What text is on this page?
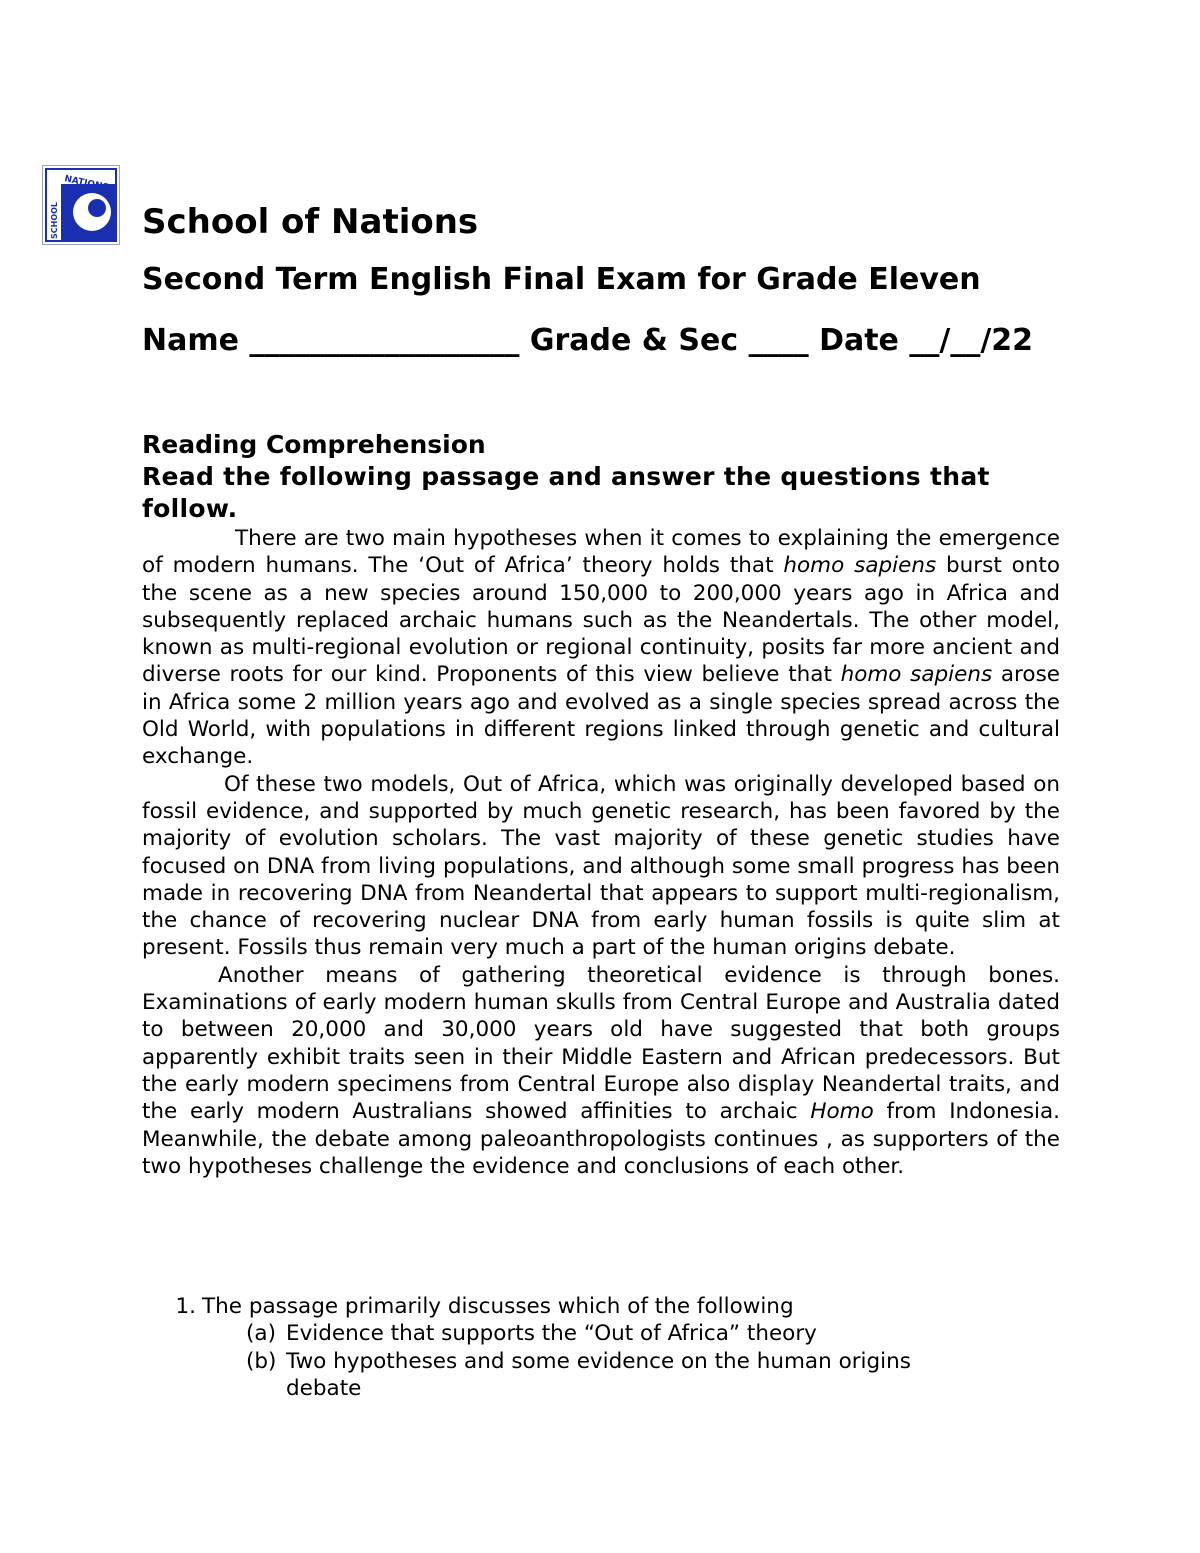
NATIONS
SCHOOL School of Nations
Second Term English Final Exam for Grade Eleven
Name __________________ Grade & Sec ____ Date __/__/22
Reading Comprehension
Read the following passage and answer the questions that follow.

There are two main hypotheses when it comes to explaining the emergence of modern humans. The ‘Out of Africa’ theory holds that homo sapiens burst onto the scene as a new species around 150,000 to 200,000 years ago in Africa and subsequently replaced archaic humans such as the Neandertals. The other model, known as multi-regional evolution or regional continuity, posits far more ancient and diverse roots for our kind. Proponents of this view believe that homo sapiens arose in Africa some 2 million years ago and evolved as a single species spread across the Old World, with populations in different regions linked through genetic and cultural exchange.

Of these two models, Out of Africa, which was originally developed based on fossil evidence, and supported by much genetic research, has been favored by the majority of evolution scholars. The vast majority of these genetic studies have focused on DNA from living populations, and although some small progress has been made in recovering DNA from Neandertal that appears to support multi-regionalism, the chance of recovering nuclear DNA from early human fossils is quite slim at present. Fossils thus remain very much a part of the human origins debate.

Another means of gathering theoretical evidence is through bones. Examinations of early modern human skulls from Central Europe and Australia dated to between 20,000 and 30,000 years old have suggested that both groups apparently exhibit traits seen in their Middle Eastern and African predecessors. But the early modern specimens from Central Europe also display Neandertal traits, and the early modern Australians showed affinities to archaic Homo from Indonesia. Meanwhile, the debate among paleoanthropologists continues , as supporters of the two hypotheses challenge the evidence and conclusions of each other.

1. The passage primarily discusses which of the following
(a) Evidence that supports the “Out of Africa” theory
(b) Two hypotheses and some evidence on the human origins debate
